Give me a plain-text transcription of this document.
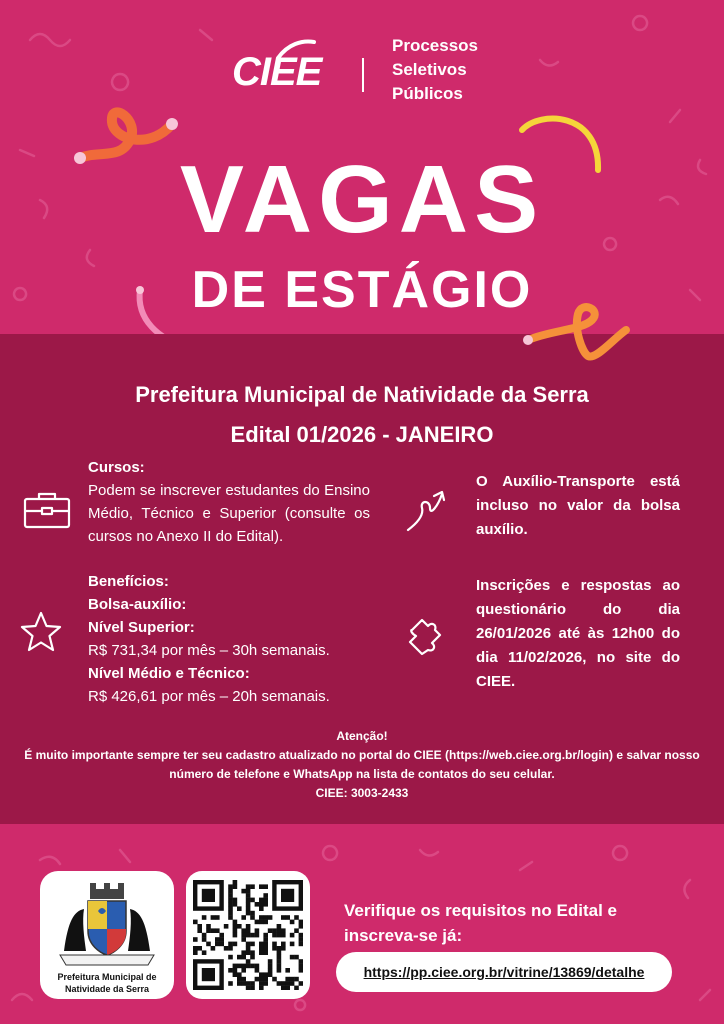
CIEE
Processos
Seletivos
Públicos
VAGAS
DE ESTÁGIO
Prefeitura Municipal de Natividade da Serra
Edital 01/2026 - JANEIRO
Cursos:

Podem se inscrever estudantes do Ensino Médio, Técnico e Superior (consulte os cursos no Anexo II do Edital).

Benefícios:
Bolsa-auxílio:
Nível Superior:
R$ 731,34 por mês – 30h semanais.
Nível Médio e Técnico:
R$ 426,61 por mês – 20h semanais.

O Auxílio-Transporte está incluso no valor da bolsa auxílio.

Inscrições e respostas ao questionário do dia 26/01/2026 até às 12h00 do dia 11/02/2026, no site do CIEE.

Atenção!
É muito importante sempre ter seu cadastro atualizado no portal do CIEE (https://web.ciee.org.br/login) e salvar nosso número de telefone e WhatsApp na lista de contatos do seu celular.
CIEE: 3003-2433
Prefeitura Municipal de Natividade da Serra
Verifique os requisitos no Edital e inscreva-se já:
https://pp.ciee.org.br/vitrine/13869/detalhe
